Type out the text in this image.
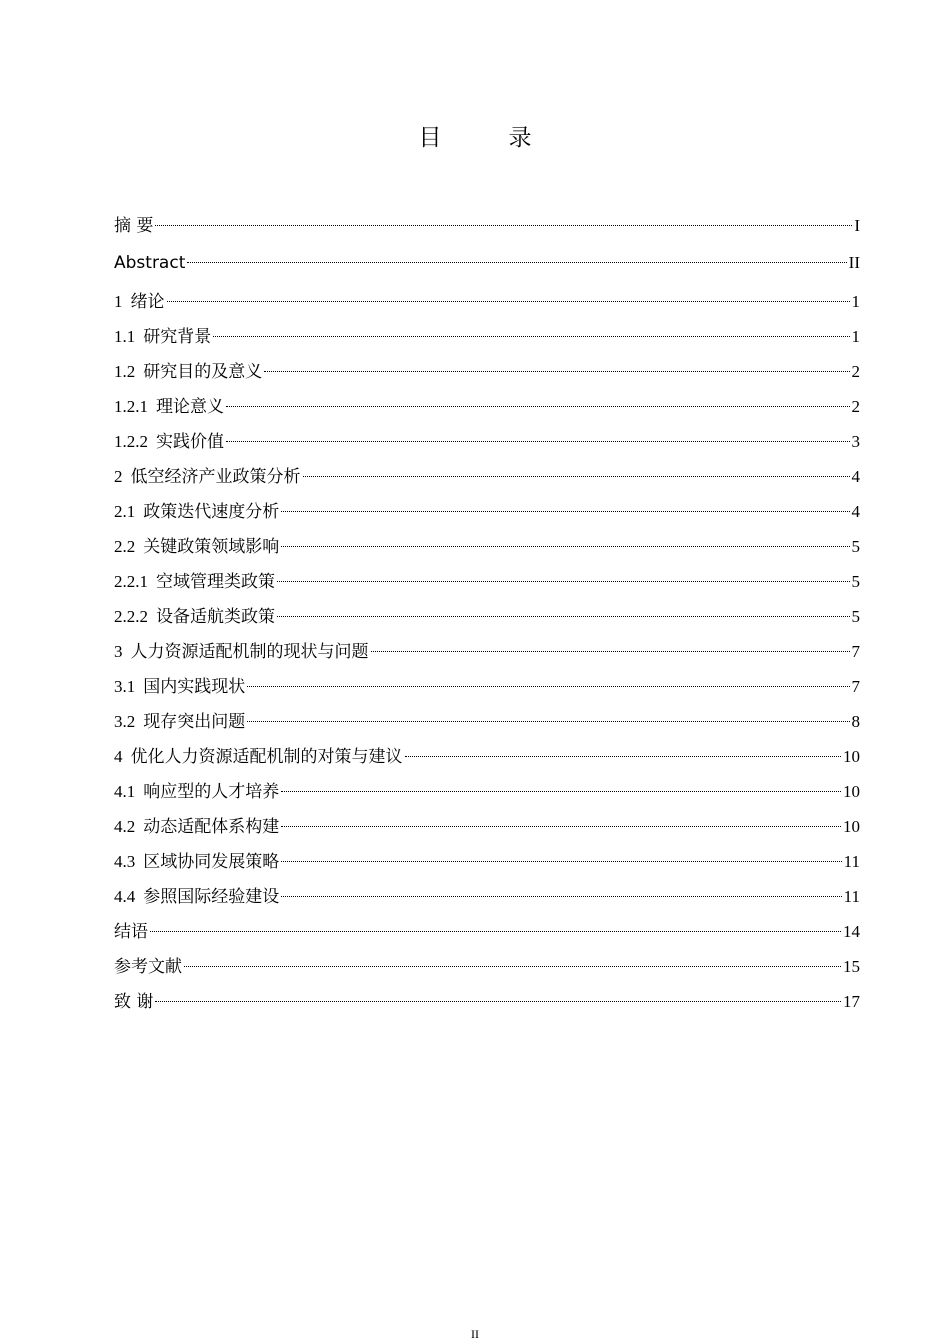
目　录
摘 要	I
Abstract	II
1 绪论	1
1.1 研究背景	1
1.2 研究目的及意义	2
1.2.1 理论意义	2
1.2.2 实践价值	3
2 低空经济产业政策分析	4
2.1 政策迭代速度分析	4
2.2 关键政策领域影响	5
2.2.1 空域管理类政策	5
2.2.2 设备适航类政策	5
3 人力资源适配机制的现状与问题	7
3.1 国内实践现状	7
3.2 现存突出问题	8
4 优化人力资源适配机制的对策与建议	10
4.1 响应型的人才培养	10
4.2 动态适配体系构建	10
4.3 区域协同发展策略	11
4.4 参照国际经验建设	11
结语	14
参考文献	15
致 谢	17
II
